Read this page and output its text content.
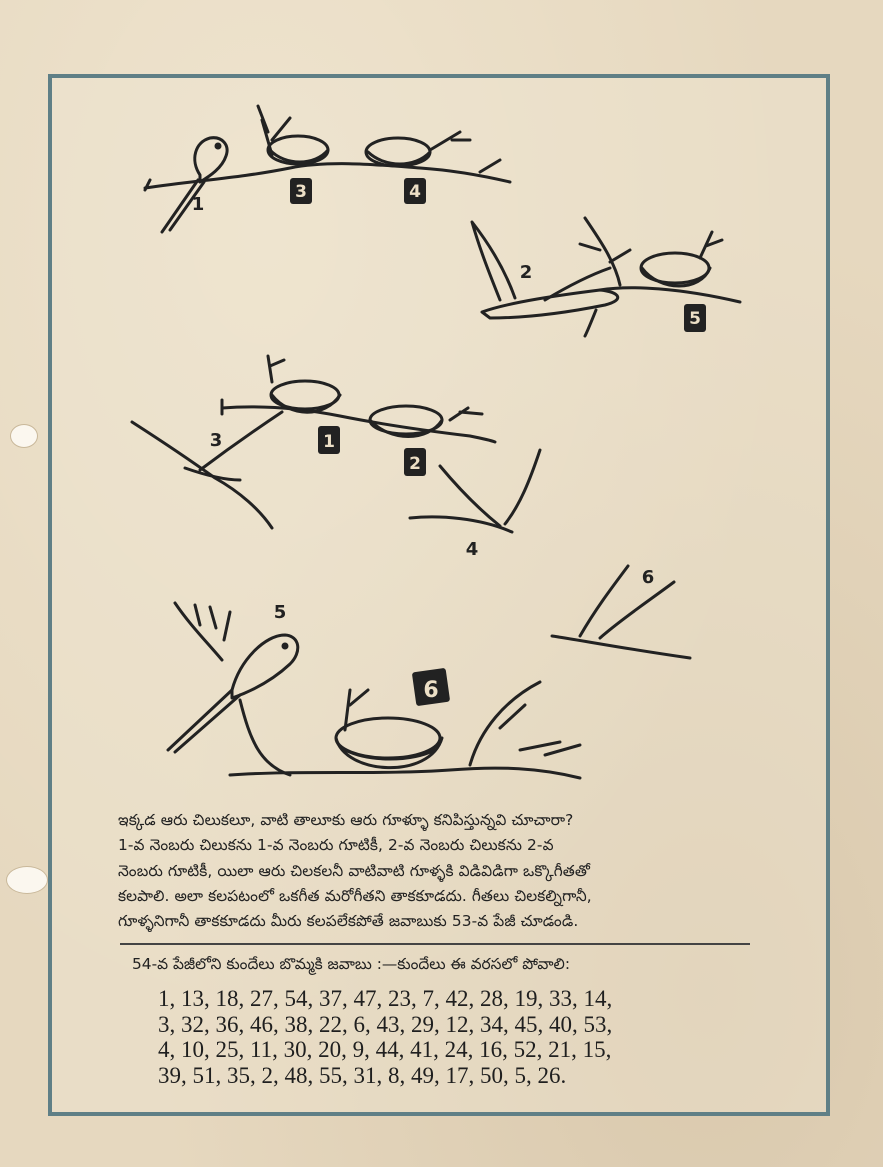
3	4
5
1
2
6
1
2
3
4
5
6
ఇక్కడ ఆరు చిలుకలూ, వాటి తాలూకు ఆరు గూళ్ళూ కనిపిస్తున్నవి చూచారా?
1-వ నెంబరు చిలుకను 1-వ నెంబరు గూటికీ, 2-వ నెంబరు చిలుకను 2-వ
నెంబరు గూటికీ, యిలా ఆరు చిలకలనీ వాటివాటి గూళ్ళకి విడివిడిగా ఒక్కొగీతతో
కలపాలి. అలా కలపటంలో ఒకగీత మరోగీతని తాకకూడదు. గీతలు చిలకల్నిగానీ,
గూళ్ళనిగానీ తాకకూడదు మీరు కలపలేకపోతే జవాబుకు 53-వ పేజీ చూడండి.
54-వ పేజీలోని కుందేలు బొమ్మకి జవాబు :—కుందేలు ఈ వరసలో పోవాలి:
1, 13, 18, 27, 54, 37, 47, 23, 7, 42, 28, 19, 33, 14,
3, 32, 36, 46, 38, 22, 6, 43, 29, 12, 34, 45, 40, 53,
4, 10, 25, 11, 30, 20, 9, 44, 41, 24, 16, 52, 21, 15,
39, 51, 35, 2, 48, 55, 31, 8, 49, 17, 50, 5, 26.
